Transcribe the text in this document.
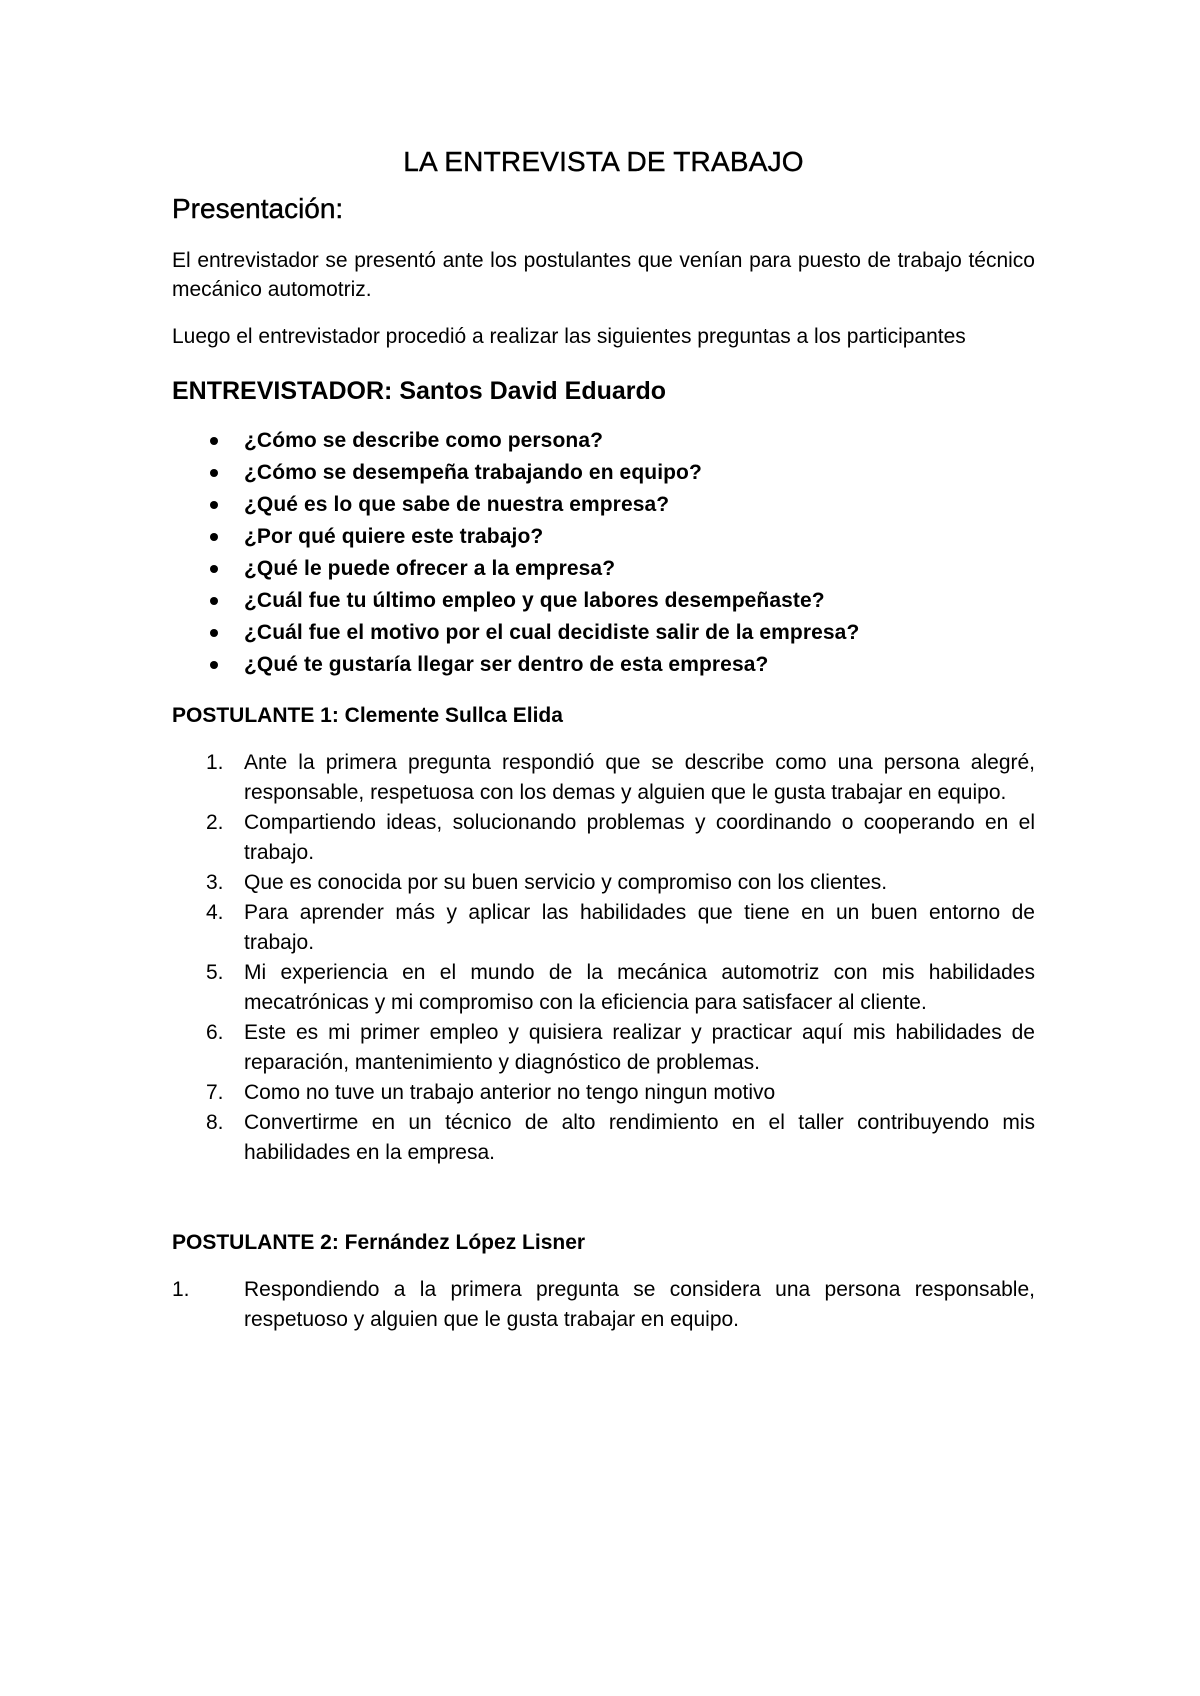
LA ENTREVISTA DE TRABAJO
Presentación:

El entrevistador se presentó ante los postulantes que venían para puesto de trabajo técnico mecánico automotriz.

Luego el entrevistador procedió a realizar las siguientes preguntas a los participantes

ENTREVISTADOR: Santos David Eduardo
¿Cómo se describe como persona?
¿Cómo se desempeña trabajando en equipo?
¿Qué es lo que sabe de nuestra empresa?
¿Por qué quiere este trabajo?
¿Qué le puede ofrecer a la empresa?
¿Cuál fue tu último empleo y que labores desempeñaste?
¿Cuál fue el motivo por el cual decidiste salir de la empresa?
¿Qué te gustaría llegar ser dentro de esta empresa?
POSTULANTE 1: Clemente Sullca Elida
1. Ante la primera pregunta respondió que se describe como una persona alegré, responsable, respetuosa con los demas y alguien que le gusta trabajar en equipo.
2. Compartiendo ideas, solucionando problemas y coordinando o cooperando en el trabajo.
3. Que es conocida por su buen servicio y compromiso con los clientes.
4. Para aprender más y aplicar las habilidades que tiene en un buen entorno de trabajo.
5. Mi experiencia en el mundo de la mecánica automotriz con mis habilidades mecatrónicas y mi compromiso con la eficiencia para satisfacer al cliente.
6. Este es mi primer empleo y quisiera realizar y practicar aquí mis habilidades de reparación, mantenimiento y diagnóstico de problemas.
7. Como no tuve un trabajo anterior no tengo ningun motivo
8. Convertirme en un técnico de alto rendimiento en el taller contribuyendo mis habilidades en la empresa.
POSTULANTE 2: Fernández López Lisner
1.	Respondiendo a la primera pregunta se considera una persona responsable, respetuoso y alguien que le gusta trabajar en equipo.
